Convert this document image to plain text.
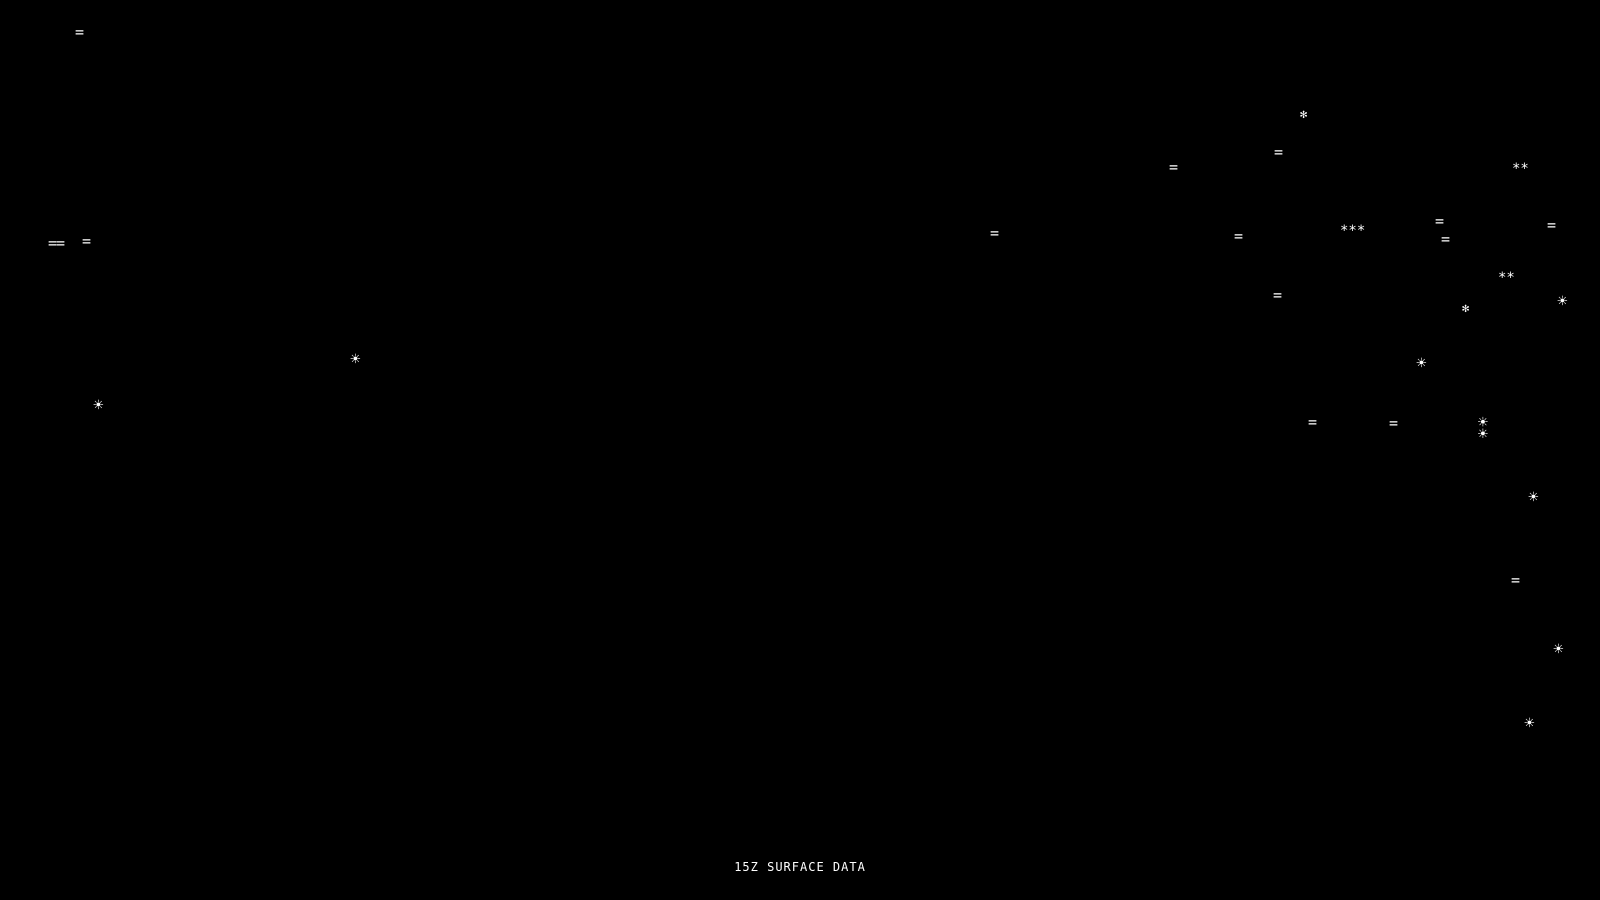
=
=
==
☀
☀
=
=
=
=
=
✻
**
***
=
=
=
**
✻
☀
☀
=	=	☀☀
☀
=
☀
☀
15Z SURFACE DATA
